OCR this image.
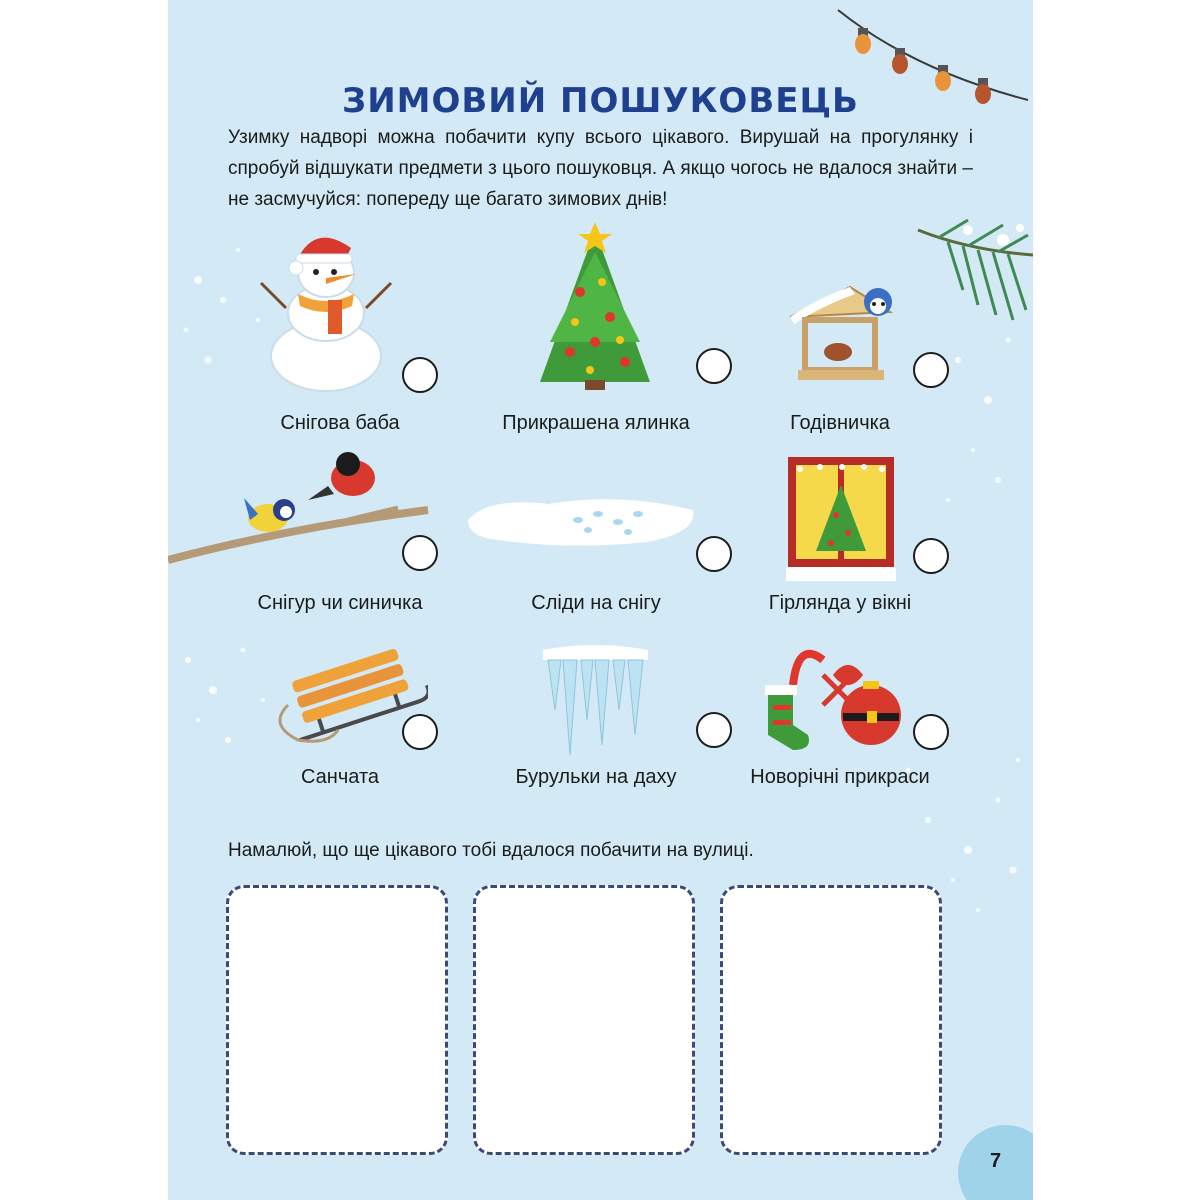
ЗИМОВИЙ ПОШУКОВЕЦЬ

Узимку надворі можна побачити купу всього цікавого. Вирушай на прогулянку і спробуй відшукати предмети з цього пошуковця. А якщо чогось не вдалося знайти – не засмучуйся: попереду ще багато зимових днів!

Снігова баба	Прикрашена ялинка	Годівничка
Снігур чи синичка	Сліди на снігу	Гірлянда у вікні
Санчата	Бурульки на даху	Новорічні прикраси
Намалюй, що ще цікавого тобі вдалося побачити на вулиці.
7
